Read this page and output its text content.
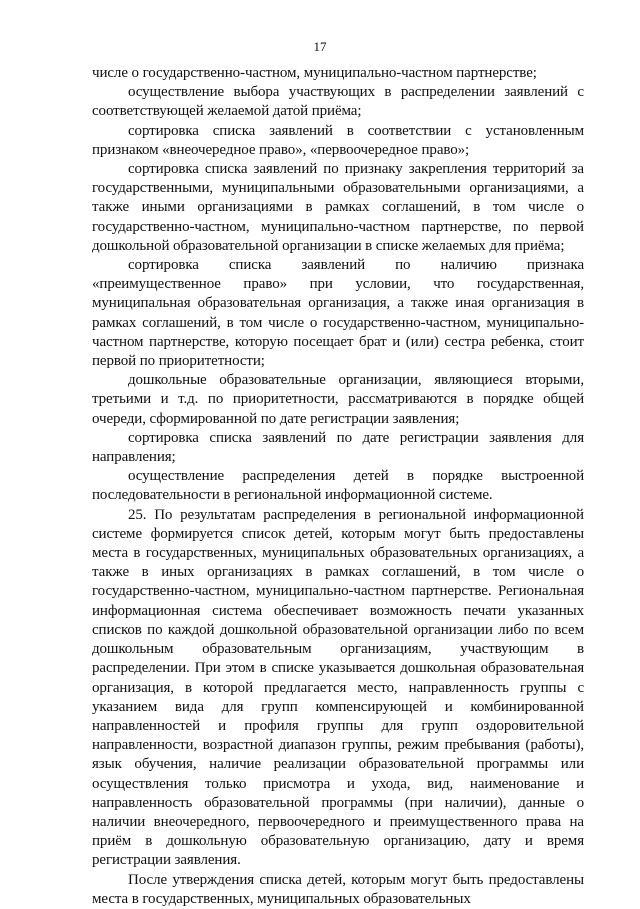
17

числе о государственно-частном, муниципально-частном партнерстве;

осуществление выбора участвующих в распределении заявлений с соответствующей желаемой датой приёма;

сортировка списка заявлений в соответствии с установленным признаком «внеочередное право», «первоочередное право»;

сортировка списка заявлений по признаку закрепления территорий за государственными, муниципальными образовательными организациями, а также иными организациями в рамках соглашений, в том числе о государственно-частном, муниципально-частном партнерстве, по первой дошкольной образовательной организации в списке желаемых для приёма;

сортировка списка заявлений по наличию признака «преимущественное право» при условии, что государственная, муниципальная образовательная организация, а также иная организация в рамках соглашений, в том числе о государственно-частном, муниципально-частном партнерстве, которую посещает брат и (или) сестра ребенка, стоит первой по приоритетности;

дошкольные образовательные организации, являющиеся вторыми, третьими и т.д. по приоритетности, рассматриваются в порядке общей очереди, сформированной по дате регистрации заявления;

сортировка списка заявлений по дате регистрации заявления для направления;

осуществление распределения детей в порядке выстроенной последовательности в региональной информационной системе.

25. По результатам распределения в региональной информационной системе формируется список детей, которым могут быть предоставлены места в государственных, муниципальных образовательных организациях, а также в иных организациях в рамках соглашений, в том числе о государственно-частном, муниципально-частном партнерстве. Региональная информационная система обеспечивает возможность печати указанных списков по каждой дошкольной образовательной организации либо по всем дошкольным образовательным организациям, участвующим в распределении. При этом в списке указывается дошкольная образовательная организация, в которой предлагается место, направленность группы с указанием вида для групп компенсирующей и комбинированной направленностей и профиля группы для групп оздоровительной направленности, возрастной диапазон группы, режим пребывания (работы), язык обучения, наличие реализации образовательной программы или осуществления только присмотра и ухода, вид, наименование и направленность образовательной программы (при наличии), данные о наличии внеочередного, первоочередного и преимущественного права на приём в дошкольную образовательную организацию, дату и время регистрации заявления.

После утверждения списка детей, которым могут быть предоставлены места в государственных, муниципальных образовательных
